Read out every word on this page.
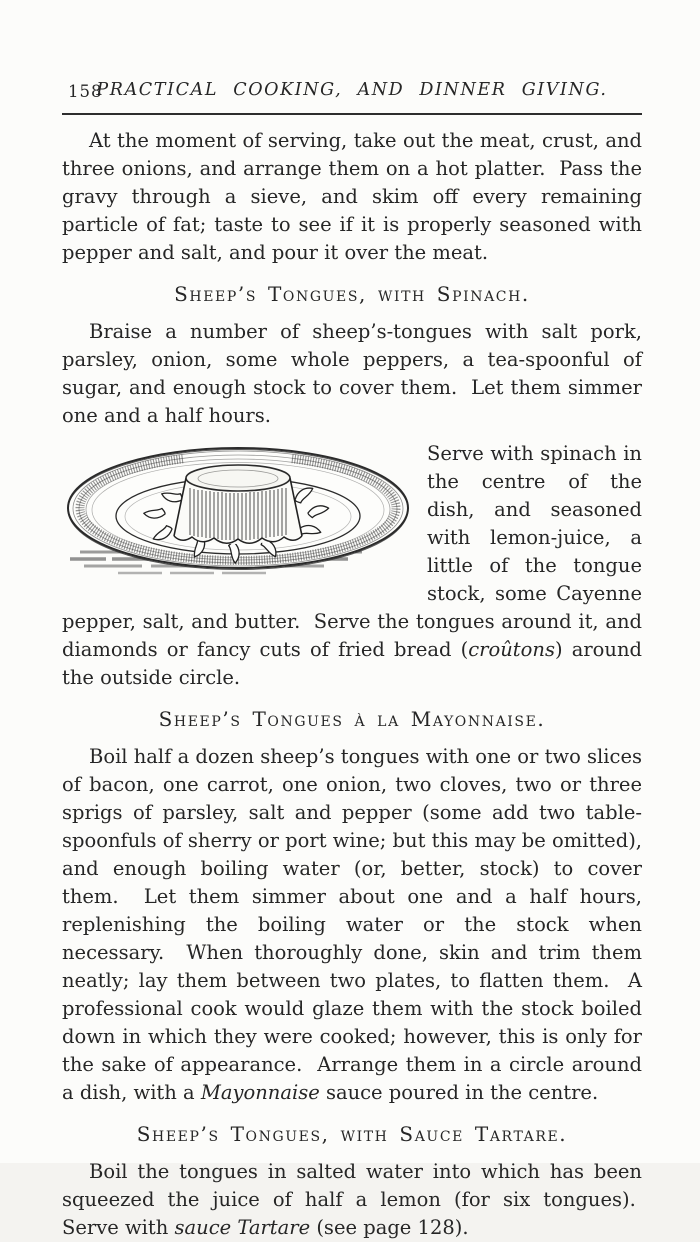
158
PRACTICAL COOKING, AND DINNER GIVING.

At the moment of serving, take out the meat, crust, and three onions, and arrange them on a hot platter.  Pass the gravy through a sieve, and skim off every remaining particle of fat; taste to see if it is properly seasoned with pepper and salt, and pour it over the meat.

Sheep’s Tongues, with Spinach.

Braise a number of sheep’s-tongues with salt pork, parsley, onion, some whole peppers, a tea-spoonful of sugar, and enough stock to cover them.  Let them simmer one and a half hours.

Serve with spinach in the centre of the dish, and seasoned with lemon-juice, a little of the tongue stock, some Cayenne pepper, salt, and butter.  Serve the tongues around it, and diamonds or fancy cuts of fried bread (croûtons) around the outside circle.

Sheep’s Tongues à la Mayonnaise.

Boil half a dozen sheep’s tongues with one or two slices of bacon, one carrot, one onion, two cloves, two or three sprigs of parsley, salt and pepper (some add two table-spoonfuls of sherry or port wine; but this may be omitted), and enough boiling water (or, better, stock) to cover them.  Let them simmer about one and a half hours, replenishing the boiling water or the stock when necessary.  When thoroughly done, skin and trim them neatly; lay them between two plates, to flatten them.  A professional cook would glaze them with the stock boiled down in which they were cooked; however, this is only for the sake of appearance.  Arrange them in a circle around a dish, with a Mayonnaise sauce poured in the centre.

Sheep’s Tongues, with Sauce Tartare.

Boil the tongues in salted water into which has been squeezed the juice of half a lemon (for six tongues).  Serve with sauce Tartare (see page 128).
